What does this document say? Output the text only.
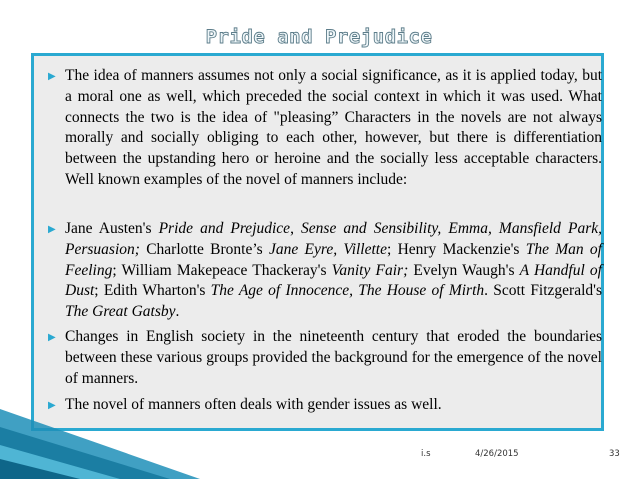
Pride and Prejudice
▶ The idea of manners assumes not only a social significance, as it is applied today, but a moral one as well, which preceded the social context in which it was used. What connects the two is the idea of "pleasing” Characters in the novels are not always morally and socially obliging to each other, however, but there is differentiation between the upstanding hero or heroine and the socially less acceptable characters. Well known examples of the novel of manners include:
▶ Jane Austen's Pride and Prejudice, Sense and Sensibility, Emma, Mansfield Park, Persuasion; Charlotte Bronte’s Jane Eyre, Villette; Henry Mackenzie's The Man of Feeling; William Makepeace Thackeray's Vanity Fair; Evelyn Waugh's A Handful of Dust; Edith Wharton's The Age of Innocence, The House of Mirth. Scott Fitzgerald's The Great Gatsby.
▶ Changes in English society in the nineteenth century that eroded the boundaries between these various groups provided the background for the emergence of the novel of manners.
▶ The novel of manners often deals with gender issues as well.
i.s	4/26/2015	33
